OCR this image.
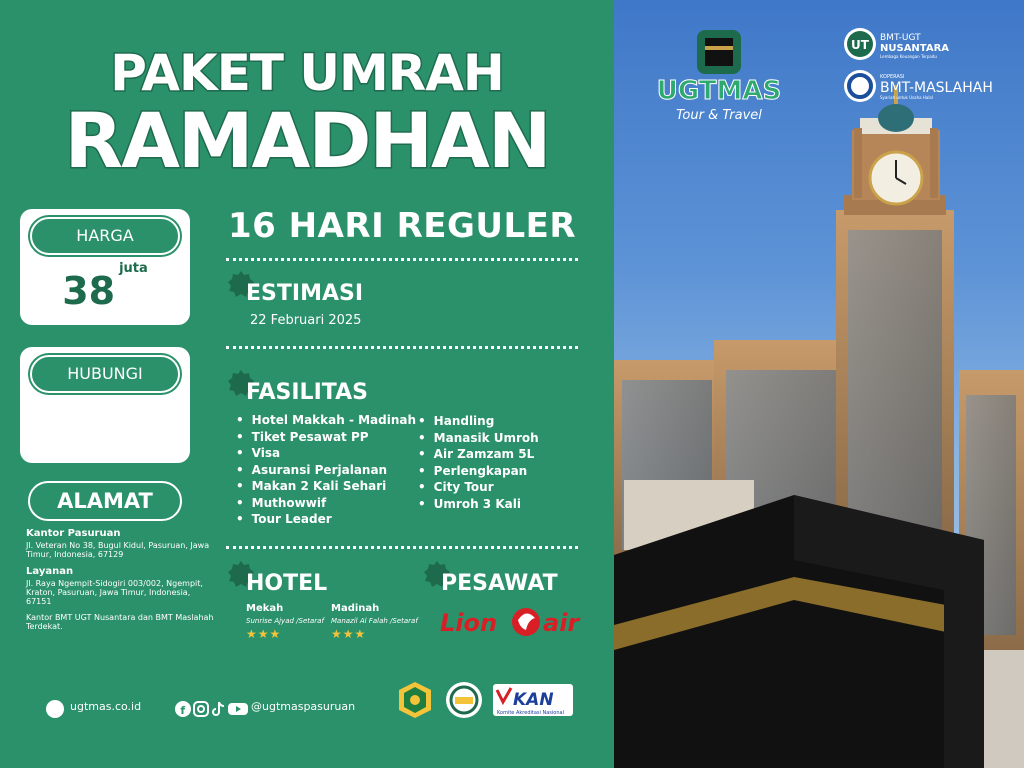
PAKET UMRAH
RAMADHAN
HARGA
$38^{juta}$
HUBUNGI
ALAMAT
Kantor Pasuruan
Jl. Veteran No 38, Bugul Kidul, Pasuruan, Jawa Timur, Indonesia, 67129
Layanan
Jl. Raya Ngempit-Sidogiri 003/002, Ngempit, Kraton, Pasuruan, Jawa Timur, Indonesia, 67151
Kantor BMT UGT Nusantara dan BMT Maslahah Terdekat.
16 HARI REGULER
ESTIMASI
22 Februari 2025
FASILITAS
• Hotel Makkah - Madinah
• Tiket Pesawat PP
• Visa
• Asuransi Perjalanan
• Makan 2 Kali Sehari
• Muthowwif
• Tour Leader
• Handling
• Manasik Umroh
• Air Zamzam 5L
• Perlengkapan
• City Tour
• Umroh 3 Kali
HOTEL
Mekah
Sunrise Ajyad /Setaraf
★★★
Madinah
Manazil Al Falah /Setaraf
★★★
PESAWAT
Lion air
ugtmas.co.id	f	@ugtmaspasuruan	KAN
Komite Akreditasi Nasional
UGTMAS
Tour & Travel
UT BMT-UGT
NUSANTARA
Lembaga Keuangan Terpadu
KOPERASI
BMT-MASLAHAH
Syariah untuk Usaha Halal
